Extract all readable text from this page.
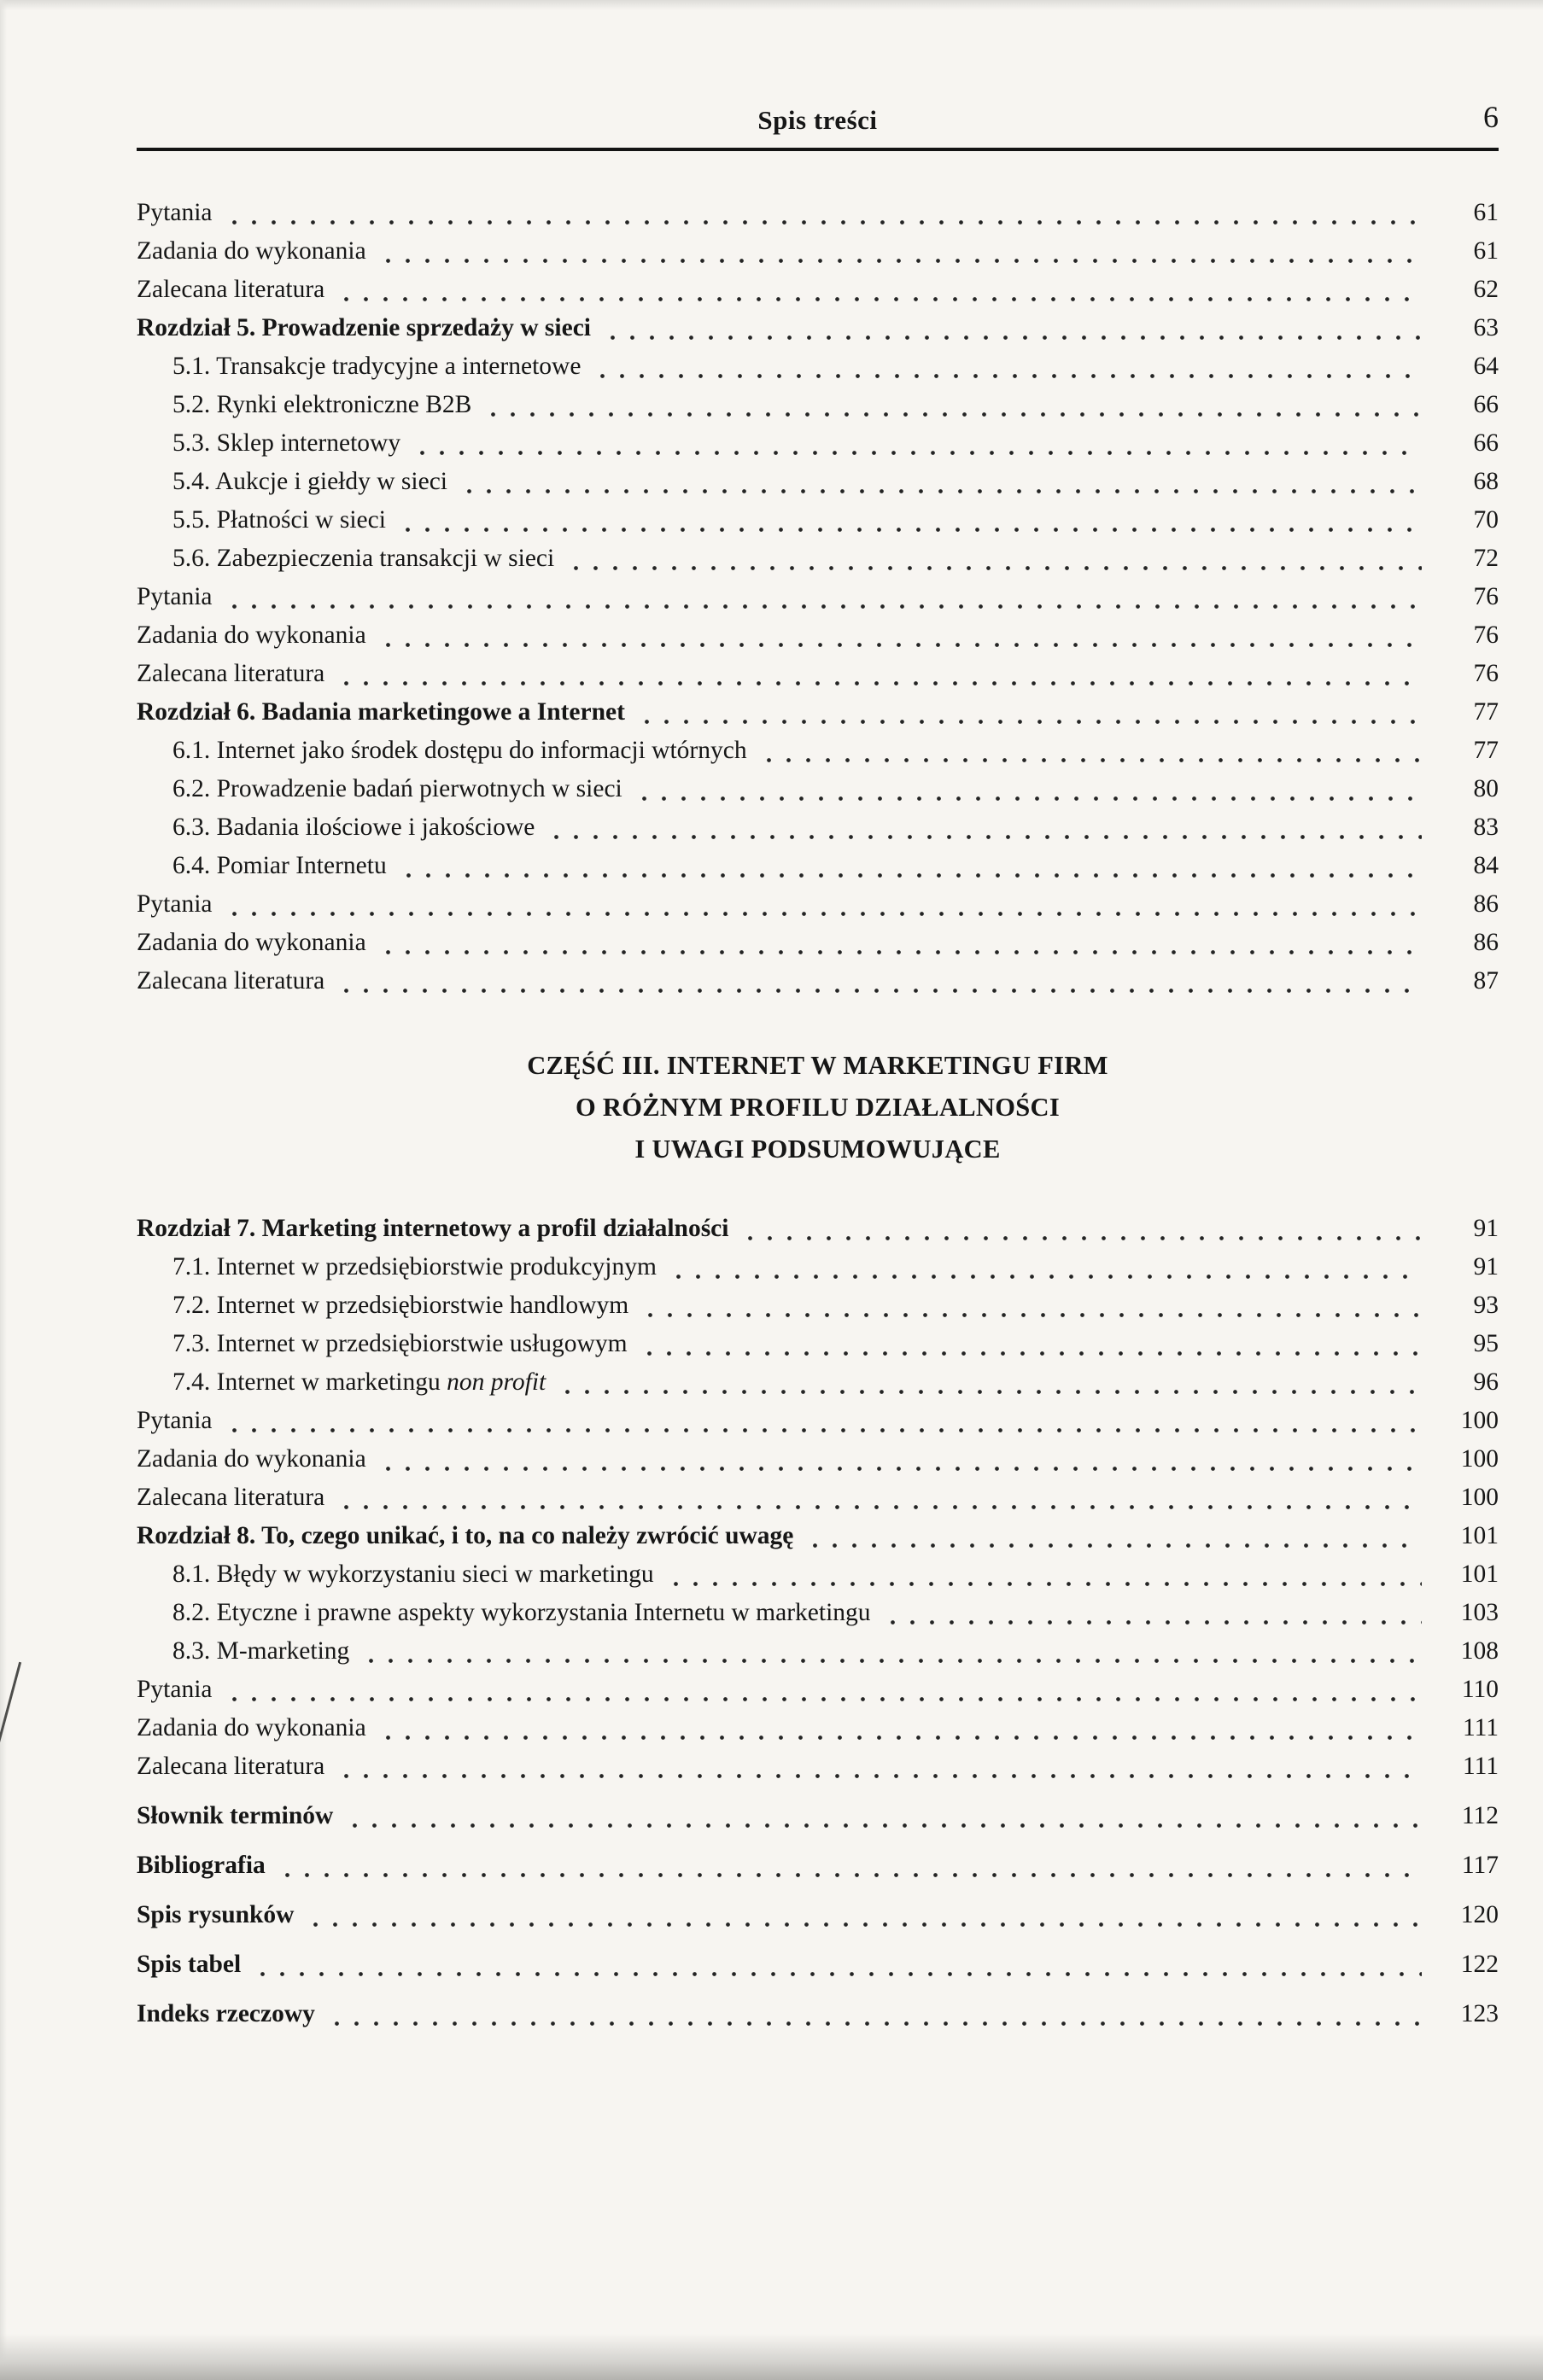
Spis treści	6
Pytania	61
Zadania do wykonania	61
Zalecana literatura	62
Rozdział 5. Prowadzenie sprzedaży w sieci	63
5.1. Transakcje tradycyjne a internetowe	64
5.2. Rynki elektroniczne B2B	66
5.3. Sklep internetowy	66
5.4. Aukcje i giełdy w sieci	68
5.5. Płatności w sieci	70
5.6. Zabezpieczenia transakcji w sieci	72
Pytania	76
Zadania do wykonania	76
Zalecana literatura	76
Rozdział 6. Badania marketingowe a Internet	77
6.1. Internet jako środek dostępu do informacji wtórnych	77
6.2. Prowadzenie badań pierwotnych w sieci	80
6.3. Badania ilościowe i jakościowe	83
6.4. Pomiar Internetu	84
Pytania	86
Zadania do wykonania	86
Zalecana literatura	87
CZĘŚĆ III. INTERNET W MARKETINGU FIRM
O RÓŻNYM PROFILU DZIAŁALNOŚCI
I UWAGI PODSUMOWUJĄCE
Rozdział 7. Marketing internetowy a profil działalności	91
7.1. Internet w przedsiębiorstwie produkcyjnym	91
7.2. Internet w przedsiębiorstwie handlowym	93
7.3. Internet w przedsiębiorstwie usługowym	95
7.4. Internet w marketingu non profit	96
Pytania	100
Zadania do wykonania	100
Zalecana literatura	100
Rozdział 8. To, czego unikać, i to, na co należy zwrócić uwagę	101
8.1. Błędy w wykorzystaniu sieci w marketingu	101
8.2. Etyczne i prawne aspekty wykorzystania Internetu w marketingu	103
8.3. M-marketing	108
Pytania	110
Zadania do wykonania	111
Zalecana literatura	111
Słownik terminów	112
Bibliografia	117
Spis rysunków	120
Spis tabel	122
Indeks rzeczowy	123
